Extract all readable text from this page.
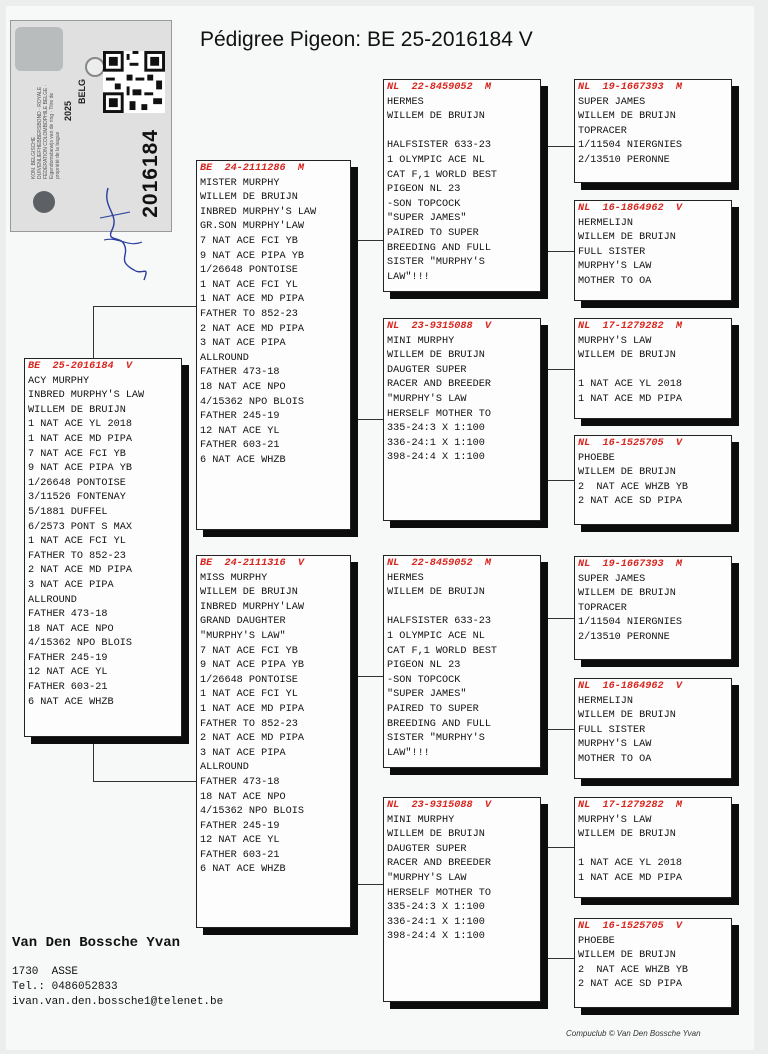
KON. BELGISCHE DUIVENLIEFHEBBERSBOND · ROYALE FÉDÉRATION COLOMBOPHILE BELGE · Eigendomsbewijs van de ring · Titre de propriété de la bague
2025
BELG
2016184
Pédigree Pigeon: BE 25-2016184 V
BE  25-2016184  V
ACY MURPHY
INBRED MURPHY'S LAW
WILLEM DE BRUIJN
1 NAT ACE YL 2018
1 NAT ACE MD PIPA
7 NAT ACE FCI YB
9 NAT ACE PIPA YB
1/26648 PONTOISE
3/11526 FONTENAY
5/1881 DUFFEL
6/2573 PONT S MAX
1 NAT ACE FCI YL
FATHER TO 852-23
2 NAT ACE MD PIPA
3 NAT ACE PIPA
ALLROUND
FATHER 473-18
18 NAT ACE NPO
4/15362 NPO BLOIS
FATHER 245-19
12 NAT ACE YL
FATHER 603-21
6 NAT ACE WHZB
BE  24-2111286  M
MISTER MURPHY
WILLEM DE BRUIJN
INBRED MURPHY'S LAW
GR.SON MURPHY'LAW
7 NAT ACE FCI YB
9 NAT ACE PIPA YB
1/26648 PONTOISE
1 NAT ACE FCI YL
1 NAT ACE MD PIPA
FATHER TO 852-23
2 NAT ACE MD PIPA
3 NAT ACE PIPA
ALLROUND
FATHER 473-18
18 NAT ACE NPO
4/15362 NPO BLOIS
FATHER 245-19
12 NAT ACE YL
FATHER 603-21
6 NAT ACE WHZB
BE  24-2111316  V
MISS MURPHY
WILLEM DE BRUIJN
INBRED MURPHY'LAW
GRAND DAUGHTER
"MURPHY'S LAW"
7 NAT ACE FCI YB
9 NAT ACE PIPA YB
1/26648 PONTOISE
1 NAT ACE FCI YL
1 NAT ACE MD PIPA
FATHER TO 852-23
2 NAT ACE MD PIPA
3 NAT ACE PIPA
ALLROUND
FATHER 473-18
18 NAT ACE NPO
4/15362 NPO BLOIS
FATHER 245-19
12 NAT ACE YL
FATHER 603-21
6 NAT ACE WHZB
NL  22-8459052  M
HERMES
WILLEM DE BRUIJN
HALFSISTER 633-23
1 OLYMPIC ACE NL
CAT F,1 WORLD BEST
PIGEON NL 23
-SON TOPCOCK
"SUPER JAMES"
PAIRED TO SUPER
BREEDING AND FULL
SISTER "MURPHY'S
LAW"!!!
NL  23-9315088  V
MINI MURPHY
WILLEM DE BRUIJN
DAUGTER SUPER
RACER AND BREEDER
"MURPHY'S LAW
HERSELF MOTHER TO
335-24:3 X 1:100
336-24:1 X 1:100
398-24:4 X 1:100
NL  22-8459052  M
HERMES
WILLEM DE BRUIJN
HALFSISTER 633-23
1 OLYMPIC ACE NL
CAT F,1 WORLD BEST
PIGEON NL 23
-SON TOPCOCK
"SUPER JAMES"
PAIRED TO SUPER
BREEDING AND FULL
SISTER "MURPHY'S
LAW"!!!
NL  23-9315088  V
MINI MURPHY
WILLEM DE BRUIJN
DAUGTER SUPER
RACER AND BREEDER
"MURPHY'S LAW
HERSELF MOTHER TO
335-24:3 X 1:100
336-24:1 X 1:100
398-24:4 X 1:100
NL  19-1667393  M
SUPER JAMES
WILLEM DE BRUIJN
TOPRACER
1/11504 NIERGNIES
2/13510 PERONNE
NL  16-1864962  V
HERMELIJN
WILLEM DE BRUIJN
FULL SISTER
MURPHY'S LAW
MOTHER TO OA
NL  17-1279282  M
MURPHY'S LAW
WILLEM DE BRUIJN
1 NAT ACE YL 2018
1 NAT ACE MD PIPA
NL  16-1525705  V
PHOEBE
WILLEM DE BRUIJN
2  NAT ACE WHZB YB
2 NAT ACE SD PIPA
NL  19-1667393  M
SUPER JAMES
WILLEM DE BRUIJN
TOPRACER
1/11504 NIERGNIES
2/13510 PERONNE
NL  16-1864962  V
HERMELIJN
WILLEM DE BRUIJN
FULL SISTER
MURPHY'S LAW
MOTHER TO OA
NL  17-1279282  M
MURPHY'S LAW
WILLEM DE BRUIJN
1 NAT ACE YL 2018
1 NAT ACE MD PIPA
NL  16-1525705  V
PHOEBE
WILLEM DE BRUIJN
2  NAT ACE WHZB YB
2 NAT ACE SD PIPA
Van Den Bossche Yvan
1730  ASSE
Tel.: 0486052833
ivan.van.den.bossche1@telenet.be
Compuclub © Van Den Bossche Yvan
